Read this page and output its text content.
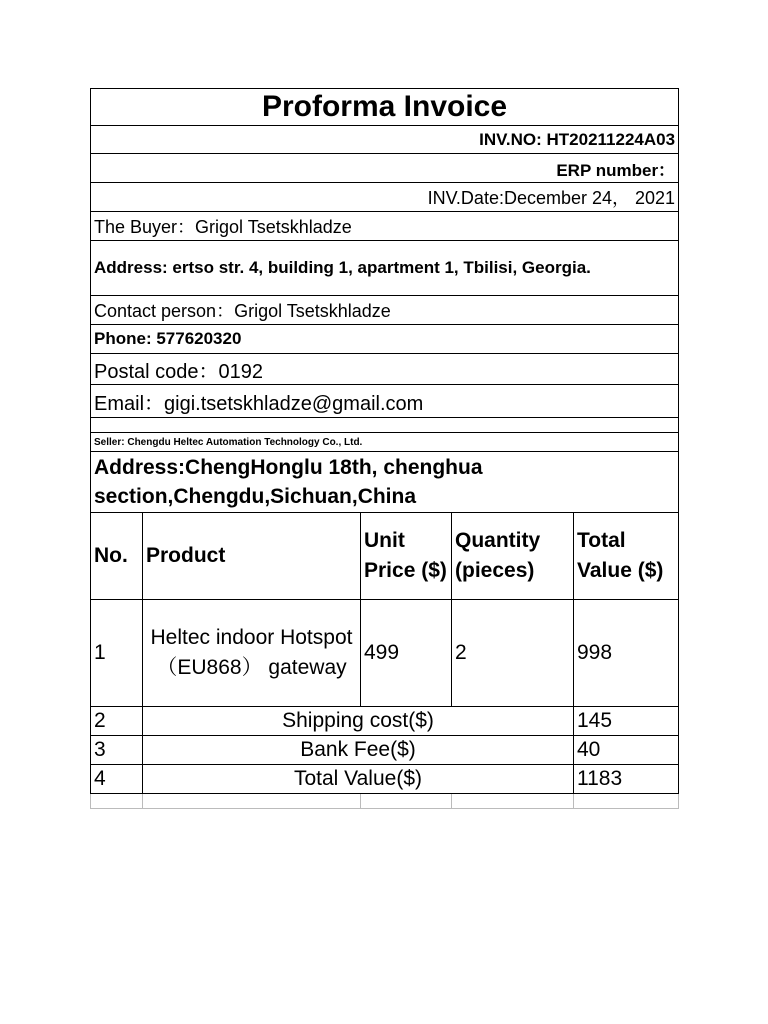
Proforma Invoice				
INV.NO: HT20211224A03				
ERP number：				
INV.Date:December 24， 2021				
The Buyer：Grigol Tsetskhladze				
Address: ertso str. 4, building 1, apartment 1, Tbilisi, Georgia.				
Contact person：Grigol Tsetskhladze				
Phone: 577620320				
Postal code：0192				
Email：gigi.tsetskhladze@gmail.com				

Seller: Chengdu Heltec Automation Technology Co., Ltd.				
Address:ChengHonglu 18th, chenghua section,Chengdu,Sichuan,China				
No.	Product	Unit Price ($)	Quantity (pieces)	Total Value ($)
1	Heltec indoor Hotspot （EU868） gateway	499	2	998
2	Shipping cost($)			145
3	Bank Fee($)			40
4	Total Value($)			1183
